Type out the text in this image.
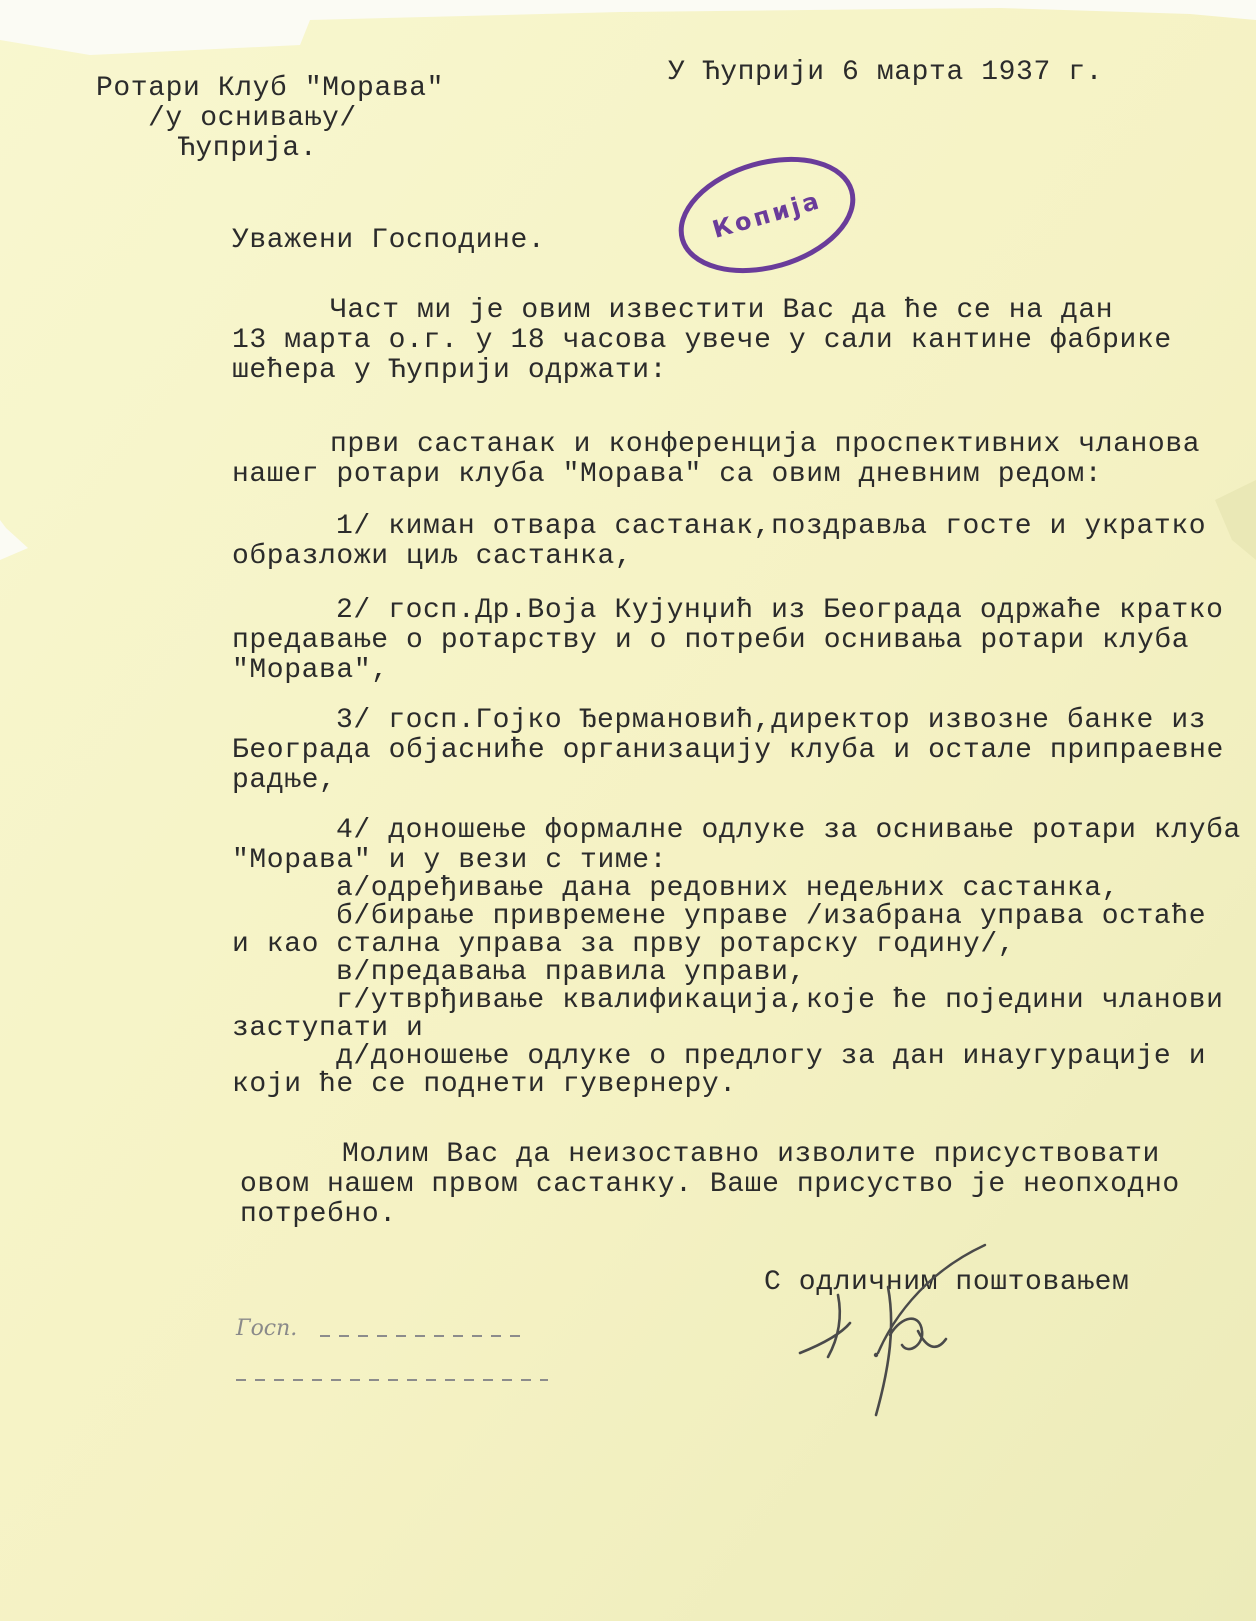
Ротари Клуб "Морава"
/у оснивању/
Ћуприја.
У Ћуприји 6 марта 1937 г.
Копија
Уважени Господине.
Част ми је овим известити Вас да ће се на дан
13 марта о.г. у 18 часова увече у сали кантине фабрике
шећера у Ћуприји одржати:
први састанак и конференција проспективних чланова
нашег ротари клуба "Морава" са овим дневним редом:
1/ киман отвара састанак,поздравља госте и укратко
образложи циљ састанка,
2/ госп.Др.Воја Кујунџић из Београда одржаће кратко
предавање о ротарству и о потреби оснивања ротари клуба
"Морава",
3/ госп.Гојко Ђермановић,директор извозне банке из
Београда објасниће организацију клуба и остале припраевне
радње,
4/ доношење формалне одлуке за оснивање ротари клуба
"Морава" и у вези с тиме:
а/одређивање дана редовних недељних састанка,
б/бирање привремене управе /изабрана управа остаће
и као стална управа за прву ротарску годину/,
в/предавања правила управи,
г/утврђивање квалификација,које ће поједини чланови
заступати и
д/доношење одлуке о предлогу за дан инаугурације и
који ће се поднети гувернеру.
Молим Вас да неизоставно изволите присуствовати
овом нашем првом састанку. Ваше присуство је неопходно
потребно.
С одличним поштовањем
Госп.
